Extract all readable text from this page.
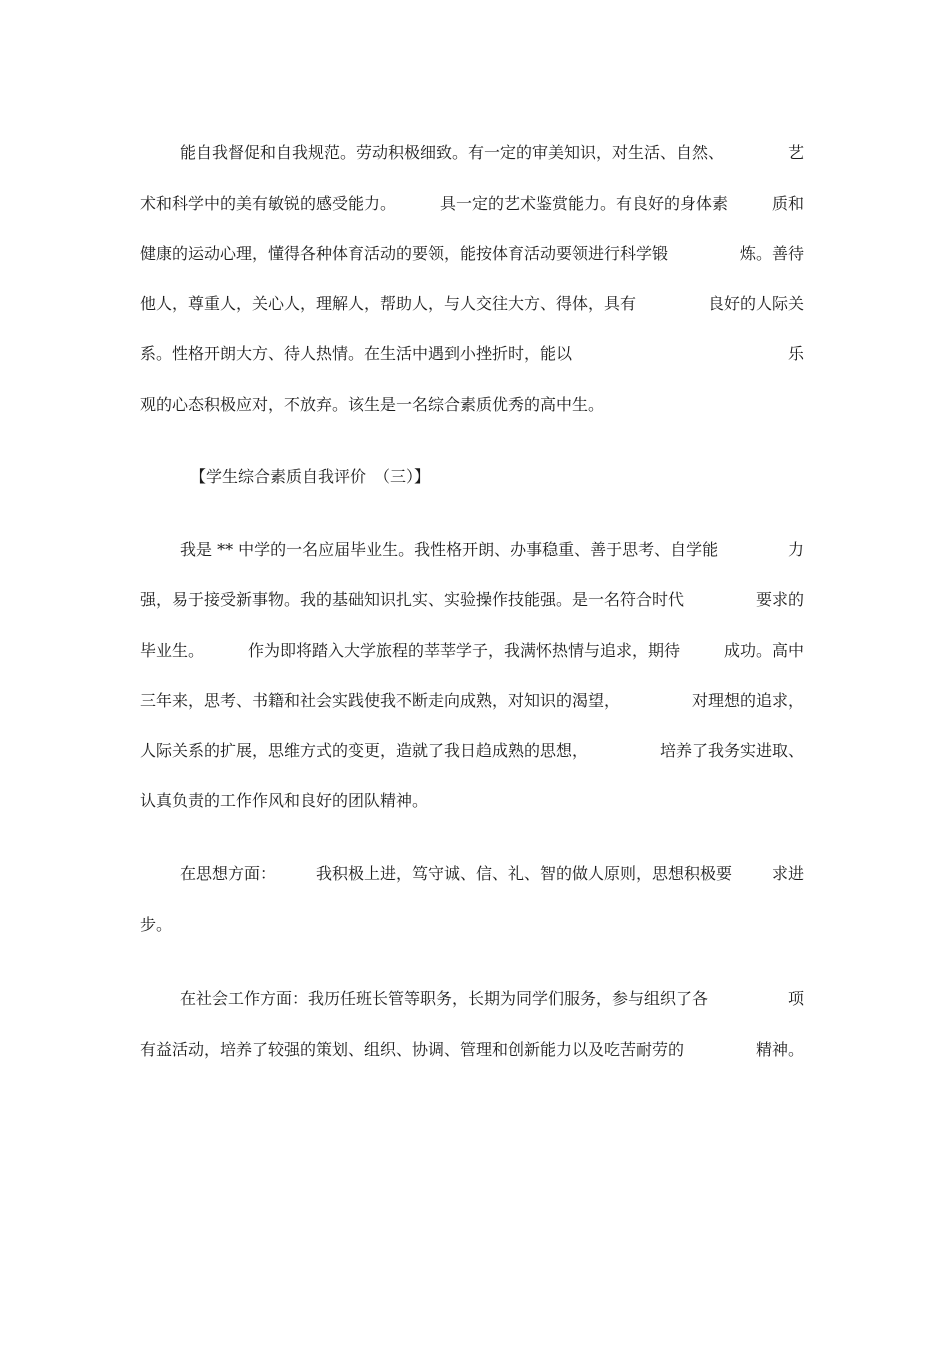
能自我督促和自我规范。劳动积极细致。有一定的审美知识，对生活、自然、	艺
术和科学中的美有敏锐的感受能力。	具一定的艺术鉴赏能力。有良好的身体素	质和
健康的运动心理，懂得各种体育活动的要领，能按体育活动要领进行科学锻	炼。善待
他人，尊重人，关心人，理解人，帮助人，与人交往大方、得体，具有	良好的人际关
系。性格开朗大方、待人热情。在生活中遇到小挫折时，能以	乐
观的心态积极应对，不放弃。该生是一名综合素质优秀的高中生。
【学生综合素质自我评价　（三）】
我是 ** 中学的一名应届毕业生。我性格开朗、办事稳重、善于思考、自学能	力
强，易于接受新事物。我的基础知识扎实、实验操作技能强。是一名符合时代	要求的
毕业生。	作为即将踏入大学旅程的莘莘学子，我满怀热情与追求，期待	成功。高中
三年来，思考、书籍和社会实践使我不断走向成熟，对知识的渴望，	对理想的追求，
人际关系的扩展，思维方式的变更，造就了我日趋成熟的思想，	培养了我务实进取、
认真负责的工作作风和良好的团队精神。
在思想方面： 我积极上进，笃守诚、信、礼、智的做人原则，思想积极要 求进
步。
在社会工作方面：我历任班长管等职务，长期为同学们服务，参与组织了各	项
有益活动，培养了较强的策划、组织、协调、管理和创新能力以及吃苦耐劳的	精神。
